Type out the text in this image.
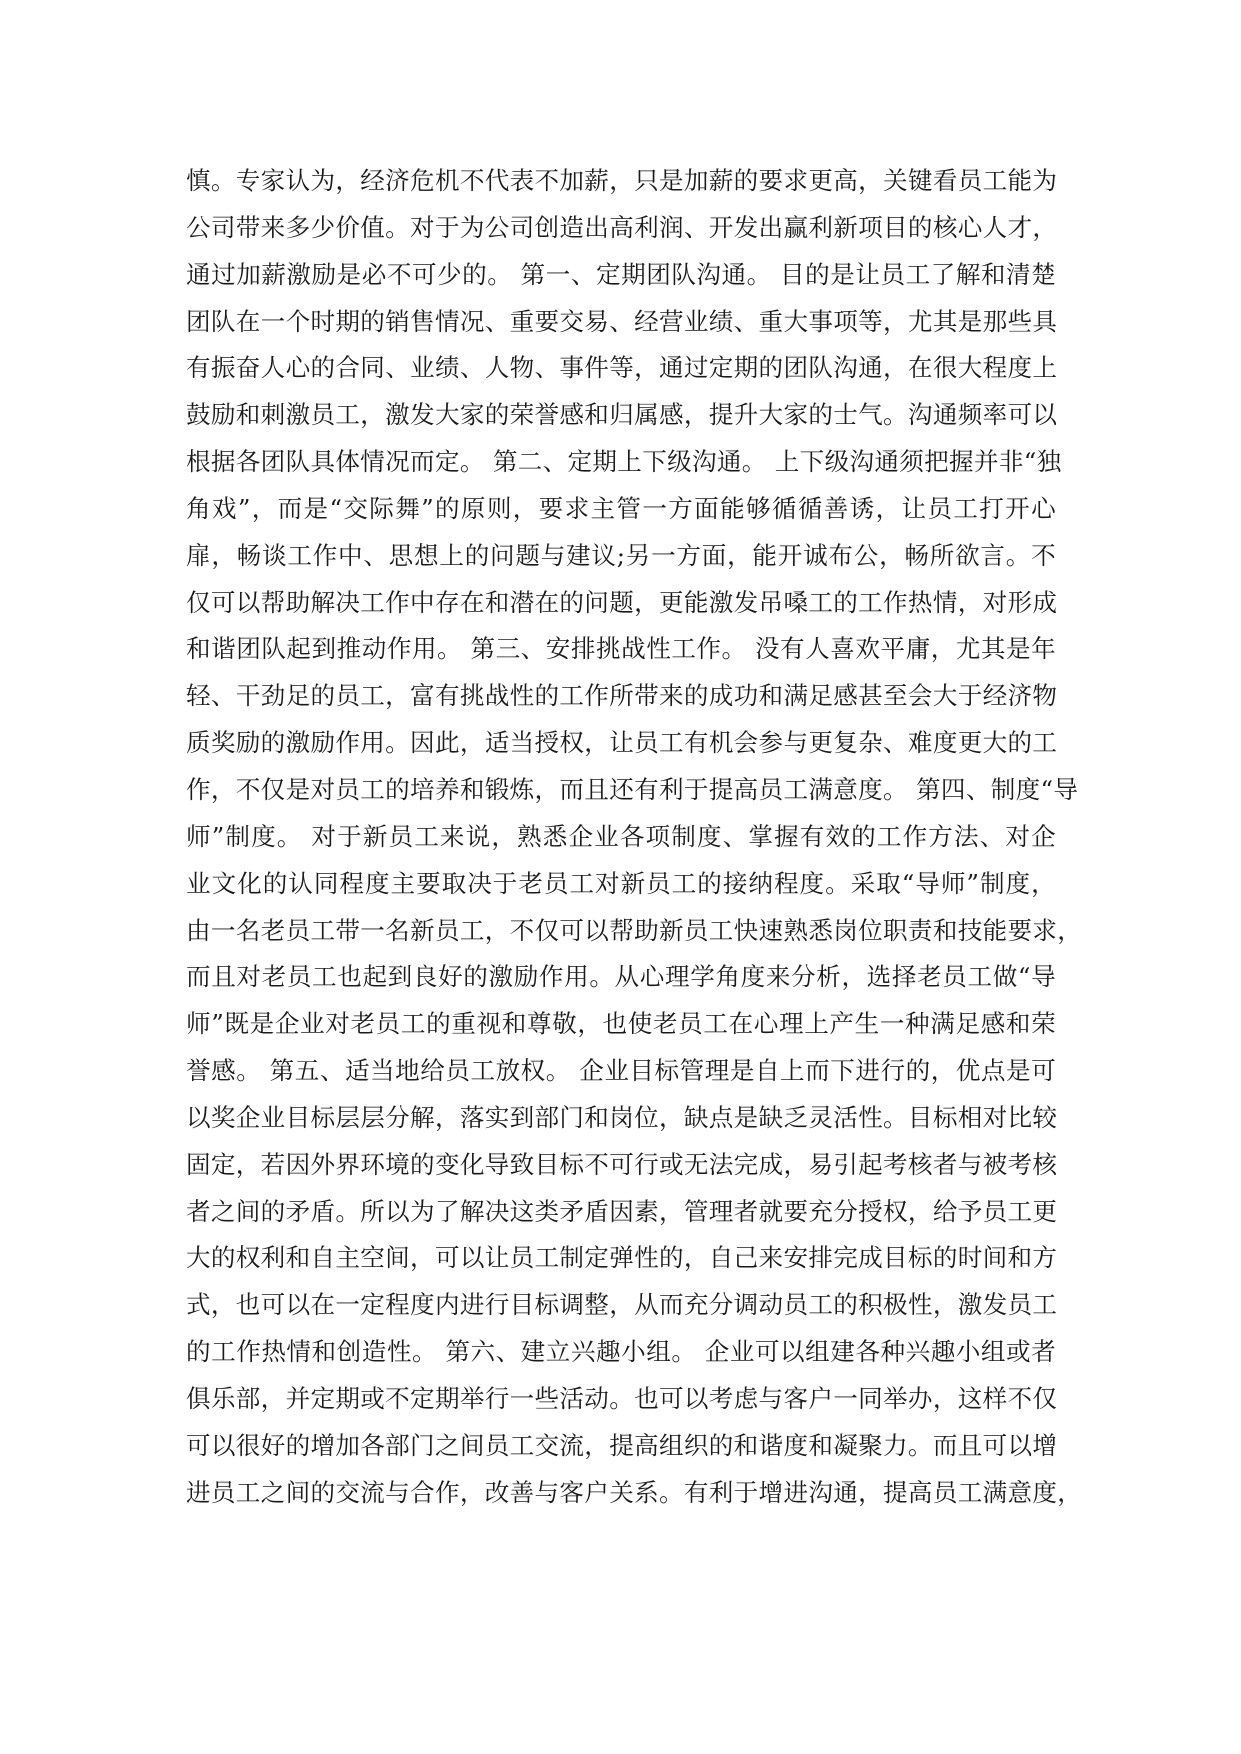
慎。专家认为，经济危机不代表不加薪，只是加薪的要求更高，关键看员工能为
公司带来多少价值。对于为公司创造出高利润、开发出赢利新项目的核心人才，
通过加薪激励是必不可少的。 第一、定期团队沟通。 目的是让员工了解和清楚
团队在一个时期的销售情况、重要交易、经营业绩、重大事项等，尤其是那些具
有振奋人心的合同、业绩、人物、事件等，通过定期的团队沟通，在很大程度上
鼓励和刺激员工，激发大家的荣誉感和归属感，提升大家的士气。沟通频率可以
根据各团队具体情况而定。 第二、定期上下级沟通。 上下级沟通须把握并非“独
角戏”，而是“交际舞”的原则，要求主管一方面能够循循善诱，让员工打开心
扉，畅谈工作中、思想上的问题与建议;另一方面，能开诚布公，畅所欲言。不
仅可以帮助解决工作中存在和潜在的问题，更能激发吊嗓工的工作热情，对形成
和谐团队起到推动作用。 第三、安排挑战性工作。 没有人喜欢平庸，尤其是年
轻、干劲足的员工，富有挑战性的工作所带来的成功和满足感甚至会大于经济物
质奖励的激励作用。因此，适当授权，让员工有机会参与更复杂、难度更大的工
作，不仅是对员工的培养和锻炼，而且还有利于提高员工满意度。 第四、制度“导
师”制度。 对于新员工来说，熟悉企业各项制度、掌握有效的工作方法、对企
业文化的认同程度主要取决于老员工对新员工的接纳程度。采取“导师”制度，
由一名老员工带一名新员工，不仅可以帮助新员工快速熟悉岗位职责和技能要求，
而且对老员工也起到良好的激励作用。从心理学角度来分析，选择老员工做“导
师”既是企业对老员工的重视和尊敬，也使老员工在心理上产生一种满足感和荣
誉感。 第五、适当地给员工放权。 企业目标管理是自上而下进行的，优点是可
以奖企业目标层层分解，落实到部门和岗位，缺点是缺乏灵活性。目标相对比较
固定，若因外界环境的变化导致目标不可行或无法完成，易引起考核者与被考核
者之间的矛盾。所以为了解决这类矛盾因素，管理者就要充分授权，给予员工更
大的权利和自主空间，可以让员工制定弹性的，自己来安排完成目标的时间和方
式，也可以在一定程度内进行目标调整，从而充分调动员工的积极性，激发员工
的工作热情和创造性。 第六、建立兴趣小组。 企业可以组建各种兴趣小组或者
俱乐部，并定期或不定期举行一些活动。也可以考虑与客户一同举办，这样不仅
可以很好的增加各部门之间员工交流，提高组织的和谐度和凝聚力。而且可以增
进员工之间的交流与合作，改善与客户关系。有利于增进沟通，提高员工满意度，
